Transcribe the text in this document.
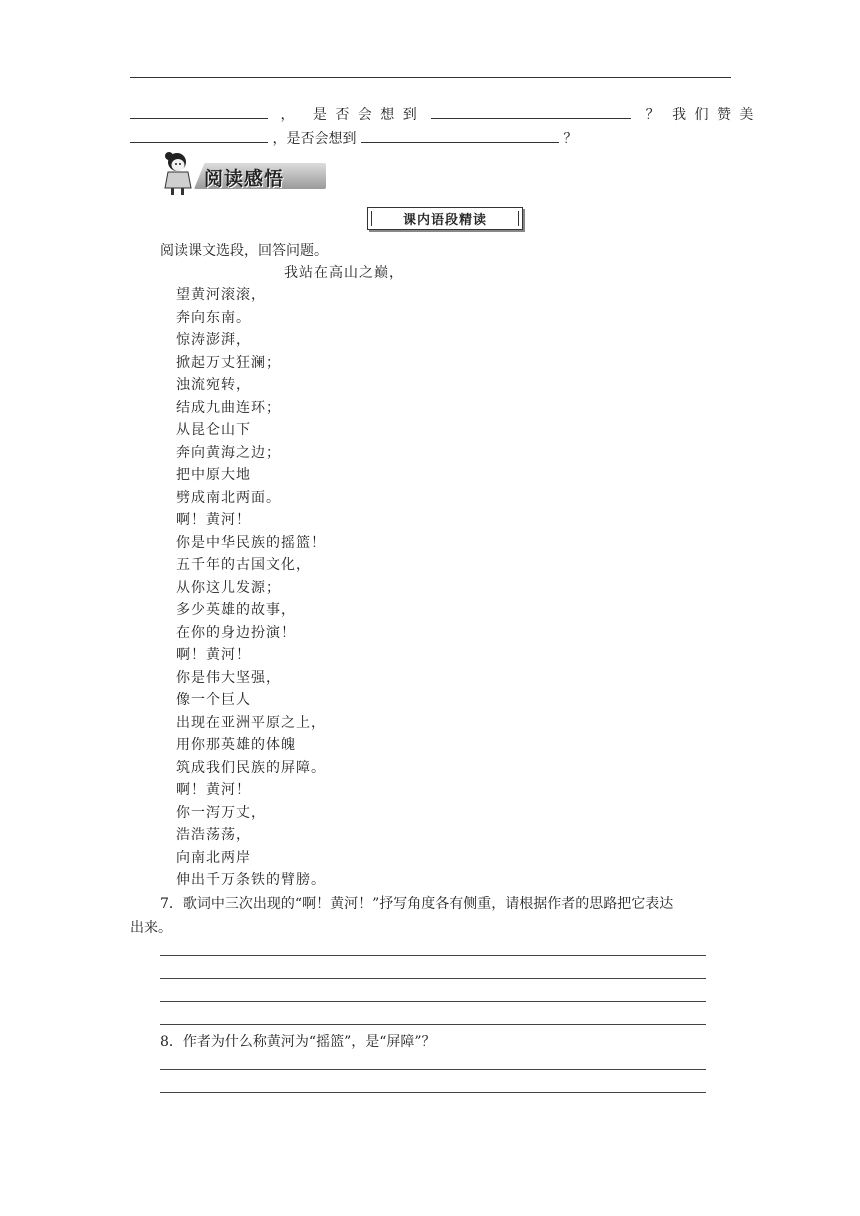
， 是 否 会 想 到	？ 我 们 赞 美
，是否会想到	？
阅读感悟
课内语段精读
阅读课文选段，回答问题。
我站在高山之巅，
望黄河滚滚，
奔向东南。
惊涛澎湃，
掀起万丈狂澜；
浊流宛转，
结成九曲连环；
从昆仑山下
奔向黄海之边；
把中原大地
劈成南北两面。
啊！黄河！
你是中华民族的摇篮！
五千年的古国文化，
从你这儿发源；
多少英雄的故事，
在你的身边扮演！
啊！黄河！
你是伟大坚强，
像一个巨人
出现在亚洲平原之上，
用你那英雄的体魄
筑成我们民族的屏障。
啊！黄河！
你一泻万丈，
浩浩荡荡，
向南北两岸
伸出千万条铁的臂膀。
7．歌词中三次出现的“啊！黄河！”抒写角度各有侧重，请根据作者的思路把它表达
出来。
8．作者为什么称黄河为“摇篮”，是“屏障”？
